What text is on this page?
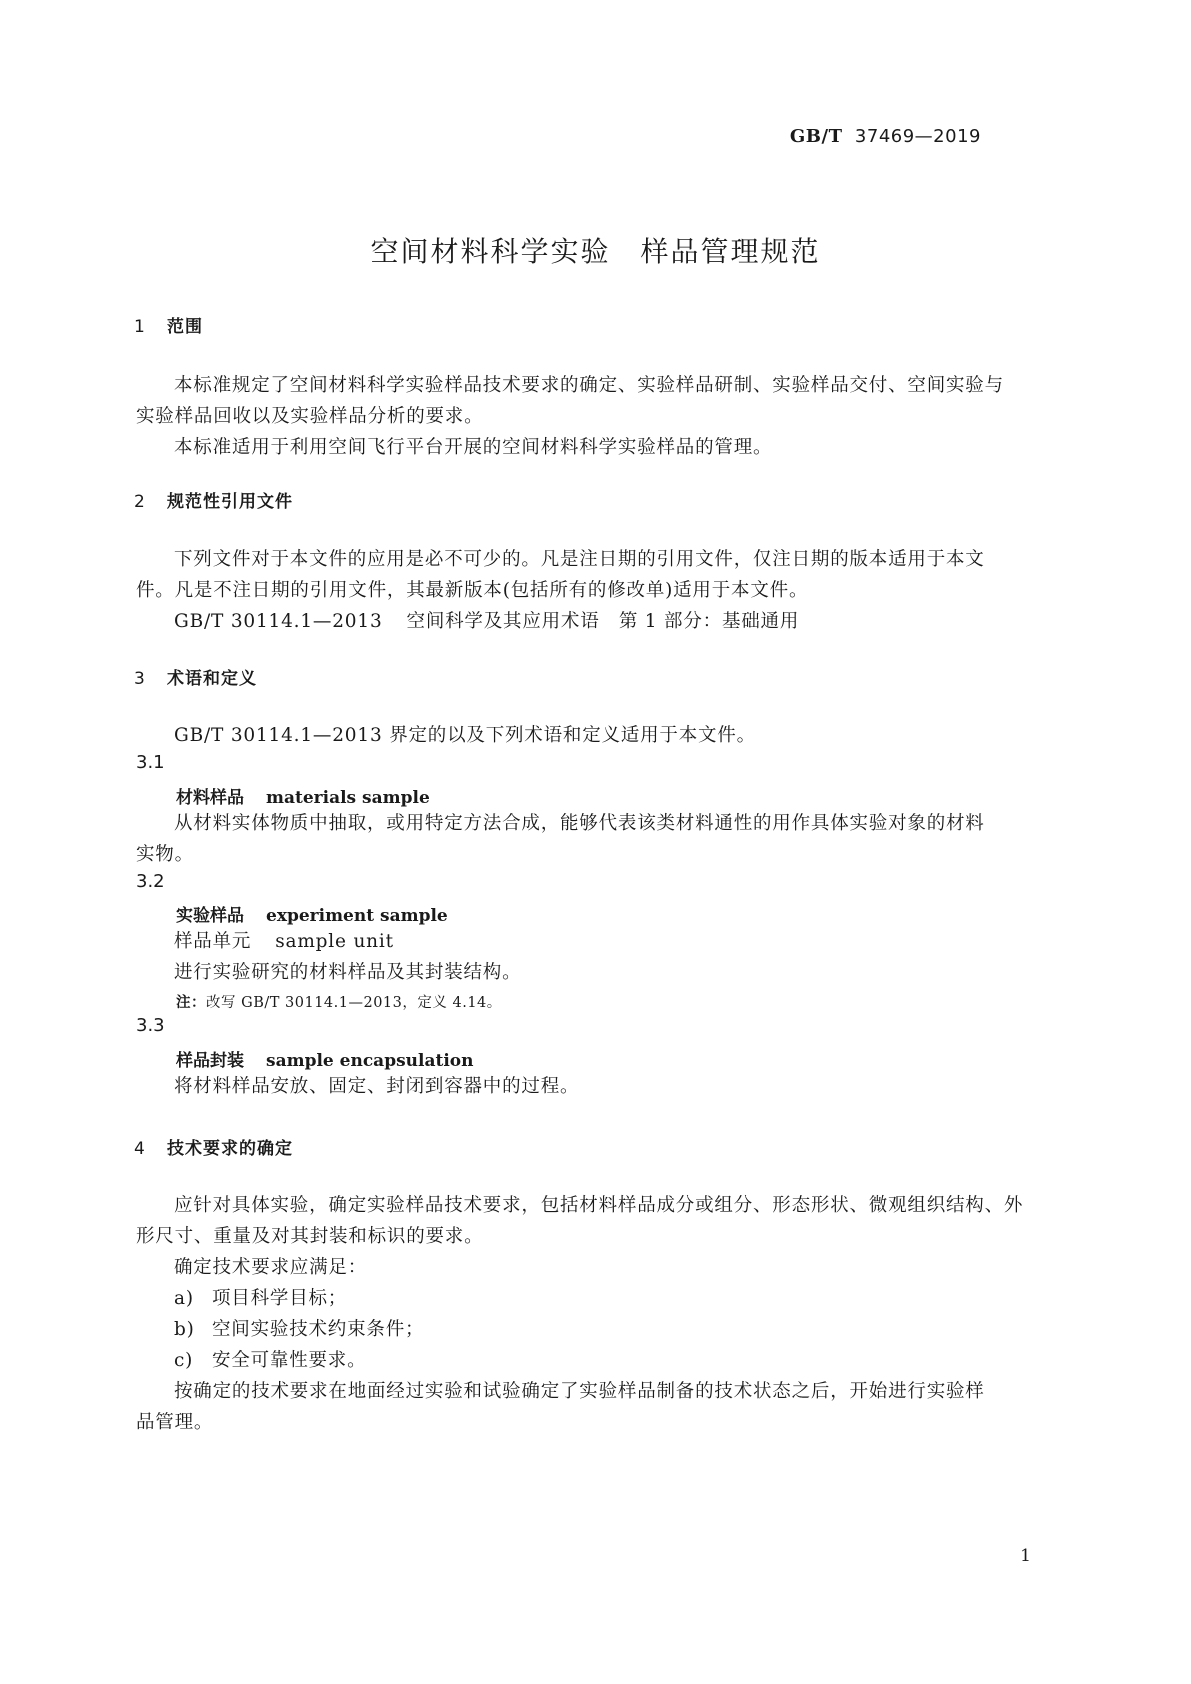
GB/T 37469—2019
空间材料科学实验　样品管理规范
1 范围
本标准规定了空间材料科学实验样品技术要求的确定、实验样品研制、实验样品交付、空间实验与
实验样品回收以及实验样品分析的要求。
本标准适用于利用空间飞行平台开展的空间材料科学实验样品的管理。
2 规范性引用文件
下列文件对于本文件的应用是必不可少的。凡是注日期的引用文件，仅注日期的版本适用于本文
件。凡是不注日期的引用文件，其最新版本(包括所有的修改单)适用于本文件。
GB/T 30114.1—2013 空间科学及其应用术语　第 1 部分：基础通用
3 术语和定义
GB/T 30114.1—2013 界定的以及下列术语和定义适用于本文件。
3.1
材料样品 materials sample
从材料实体物质中抽取，或用特定方法合成，能够代表该类材料通性的用作具体实验对象的材料
实物。
3.2
实验样品 experiment sample
样品单元 sample unit
进行实验研究的材料样品及其封装结构。
注：改写 GB/T 30114.1—2013，定义 4.14。
3.3
样品封装 sample encapsulation
将材料样品安放、固定、封闭到容器中的过程。
4 技术要求的确定
应针对具体实验，确定实验样品技术要求，包括材料样品成分或组分、形态形状、微观组织结构、外
形尺寸、重量及对其封装和标识的要求。
确定技术要求应满足：
a) 项目科学目标；
b) 空间实验技术约束条件；
c) 安全可靠性要求。
按确定的技术要求在地面经过实验和试验确定了实验样品制备的技术状态之后，开始进行实验样
品管理。
1
